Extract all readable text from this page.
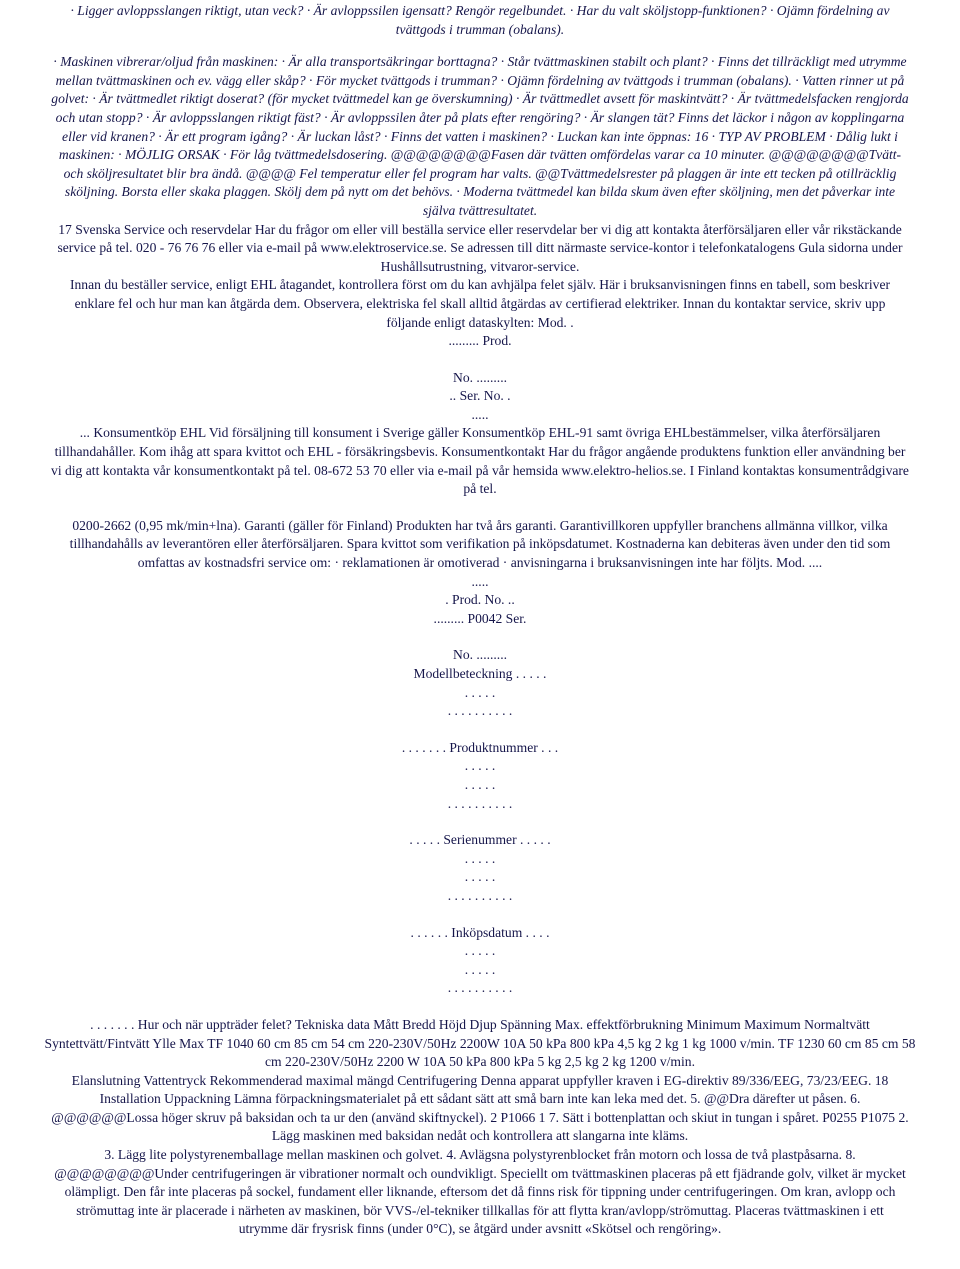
· Ligger avloppsslangen riktigt, utan veck? · Är avloppssilen igensatt? Rengör regelbundet. · Har du valt sköljstopp-funktionen? · Ojämn fördelning av
tvättgods i trumman (obalans).

· Maskinen vibrerar/oljud från maskinen: · Är alla transportsäkringar borttagna? · Står tvättmaskinen stabilt och plant? · Finns det tillräckligt med utrymme
mellan tvättmaskinen och ev. vägg eller skåp? · För mycket tvättgods i trumman? · Ojämn fördelning av tvättgods i trumman (obalans). · Vatten rinner ut på
golvet: · Är tvättmedlet riktigt doserat? (för mycket tvättmedel kan ge överskumning) · Är tvättmedlet avsett för maskintvätt? · Är tvättmedelsfacken rengjorda
och utan stopp? · Är avloppsslangen riktigt fäst? · Är avloppssilen åter på plats efter rengöring? · Är slangen tät? Finns det läckor i någon av kopplingarna
eller vid kranen? · Är ett program igång? · Är luckan låst? · Finns det vatten i maskinen? · Luckan kan inte öppnas: 16 · TYP AV PROBLEM · Dålig lukt i
maskinen: · MÖJLIG ORSAK · För låg tvättmedelsdosering. @@@@@@@@Fasen där tvätten omfördelas varar ca 10 minuter. @@@@@@@@Tvätt-
och sköljresultatet blir bra ändå. @@@@ Fel temperatur eller fel program har valts. @@Tvättmedelsrester på plaggen är inte ett tecken på otillräcklig
sköljning. Borsta eller skaka plaggen. Skölj dem på nytt om det behövs. · Moderna tvättmedel kan bilda skum även efter sköljning, men det påverkar inte
själva tvättresultatet.

17 Svenska Service och reservdelar Har du frågor om eller vill beställa service eller reservdelar ber vi dig att kontakta återförsäljaren eller vår rikstäckande
service på tel. 020 - 76 76 76 eller via e-mail på www.elektroservice.se. Se adressen till ditt närmaste service-kontor i telefonkatalogens Gula sidorna under
Hushållsutrustning, vitvaror-service.

Innan du beställer service, enligt EHL åtagandet, kontrollera först om du kan avhjälpa felet själv. Här i bruksanvisningen finns en tabell, som beskriver
enklare fel och hur man kan åtgärda dem. Observera, elektriska fel skall alltid åtgärdas av certifierad elektriker. Innan du kontaktar service, skriv upp
följande enligt dataskylten: Mod. .
......... Prod.

No. .........
.. Ser. No. .
.....

... Konsumentköp EHL Vid försäljning till konsument i Sverige gäller Konsumentköp EHL-91 samt övriga EHLbestämmelser, vilka återförsäljaren
tillhandahåller. Kom ihåg att spara kvittot och EHL - försäkringsbevis. Konsumentkontakt Har du frågor angående produktens funktion eller användning ber
vi dig att kontakta vår konsumentkontakt på tel. 08-672 53 70 eller via e-mail på vår hemsida www.elektro-helios.se. I Finland kontaktas konsumentrådgivare
på tel.

0200-2662 (0,95 mk/min+lna). Garanti (gäller för Finland) Produkten har två års garanti. Garantivillkoren uppfyller branchens allmänna villkor, vilka
tillhandahålls av leverantören eller återförsäljaren. Spara kvittot som verifikation på inköpsdatumet. Kostnaderna kan debiteras även under den tid som
omfattas av kostnadsfri service om: · reklamationen är omotiverad · anvisningarna i bruksanvisningen inte har följts. Mod. ....
.....
. Prod. No. ..
......... P0042 Ser.

No. .........
Modellbeteckning . . . . .
. . . . .
. . . . . . . . . .

. . . . . . . Produktnummer . . .
. . . . .
. . . . .
. . . . . . . . . .

. . . . . Serienummer . . . . .
. . . . .
. . . . .
. . . . . . . . . .

. . . . . . Inköpsdatum . . . .
. . . . .
. . . . .
. . . . . . . . . .

. . . . . . . Hur och när uppträder felet? Tekniska data Mått Bredd Höjd Djup Spänning Max. effektförbrukning Minimum Maximum Normaltvätt
Syntettvätt/Fintvätt Ylle Max TF 1040 60 cm 85 cm 54 cm 220-230V/50Hz 2200W 10A 50 kPa 800 kPa 4,5 kg 2 kg 1 kg 1000 v/min. TF 1230 60 cm 85 cm 58
cm 220-230V/50Hz 2200 W 10A 50 kPa 800 kPa 5 kg 2,5 kg 2 kg 1200 v/min.
Elanslutning Vattentryck Rekommenderad maximal mängd Centrifugering Denna apparat uppfyller kraven i EG-direktiv 89/336/EEG, 73/23/EEG. 18
Installation Uppackning Lämna förpackningsmaterialet på ett sådant sätt att små barn inte kan leka med det. 5. @@Dra därefter ut påsen. 6.
@@@@@@Lossa höger skruv på baksidan och ta ur den (använd skiftnyckel). 2 P1066 1 7. Sätt i bottenplattan och skiut in tungan i spåret. P0255 P1075 2.
Lägg maskinen med baksidan nedåt och kontrollera att slangarna inte kläms.
3. Lägg lite polystyrenemballage mellan maskinen och golvet. 4. Avlägsna polystyrenblocket från motorn och lossa de två plastpåsarna. 8.
@@@@@@@@Under centrifugeringen är vibrationer normalt och oundvikligt. Speciellt om tvättmaskinen placeras på ett fjädrande golv, vilket är mycket
olämpligt. Den får inte placeras på sockel, fundament eller liknande, eftersom det då finns risk för tippning under centrifugeringen. Om kran, avlopp och
strömuttag inte är placerade i närheten av maskinen, bör VVS-/el-tekniker tillkallas för att flytta kran/avlopp/strömuttag. Placeras tvättmaskinen i ett
utrymme där frysrisk finns (under 0°C), se åtgärd under avsnitt «Skötsel och rengöring».
